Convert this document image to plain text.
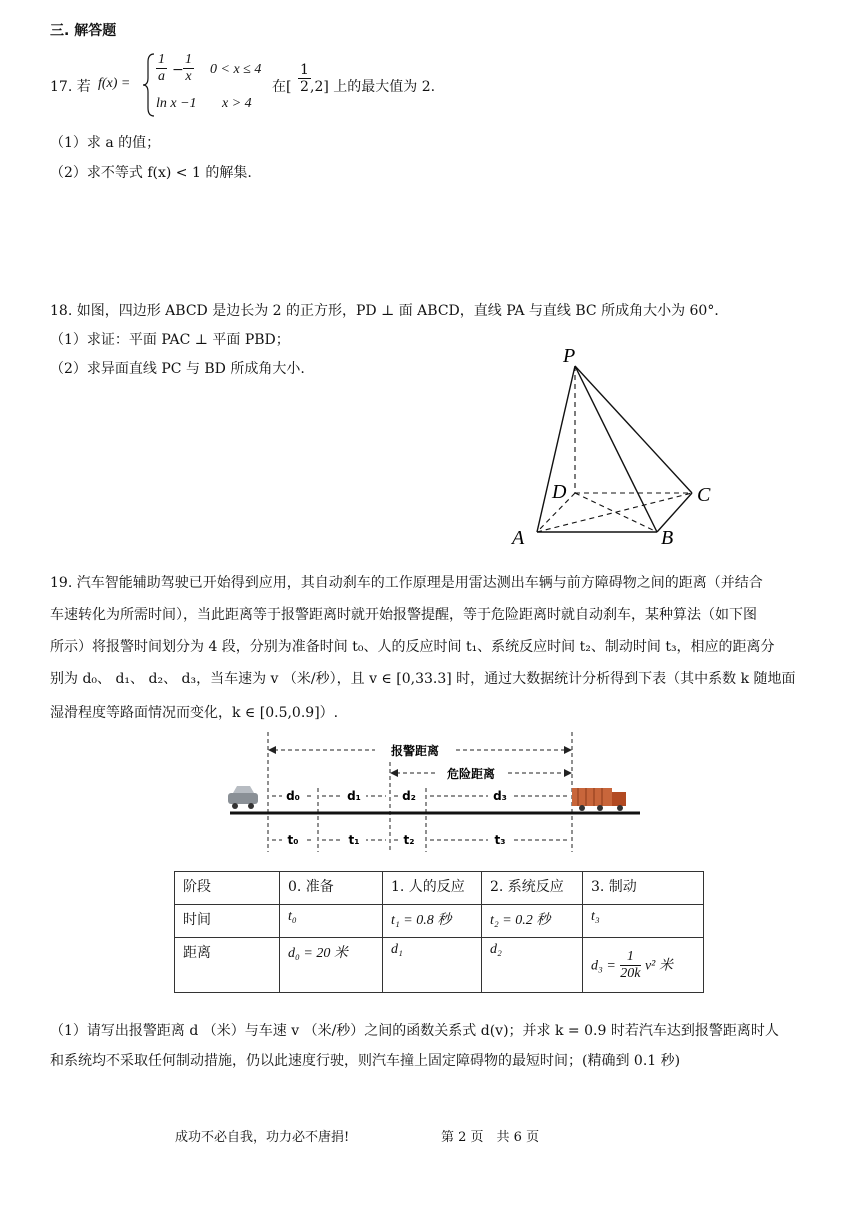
三. 解答题
17. 若 $f(x) = \frac{1}{a} - \frac{1}{x} 0 < x \le 4$
ln x −1 x > 4
在[ $\frac{1}{2} ,2$] 上的最大值为 2.
（1）求 a 的值；
（2）求不等式 f(x) < 1 的解集.
18. 如图，四边形 ABCD 是边长为 2 的正方形，PD ⊥ 面 ABCD，直线 PA 与直线 BC 所成角大小为 60°．
（1）求证：平面 PAC ⊥ 平面 PBD；
（2）求异面直线 PC 与 BD 所成角大小.
P
D	C
A	B
19. 汽车智能辅助驾驶已开始得到应用，其自动刹车的工作原理是用雷达测出车辆与前方障碍物之间的距离（并结合
车速转化为所需时间），当此距离等于报警距离时就开始报警提醒，等于危险距离时就自动刹车，某种算法（如下图
所示）将报警时间划分为 4 段，分别为准备时间 t₀、人的反应时间 t₁、系统反应时间 t₂、制动时间 t₃，相应的距离分
别为 d₀、 d₁、 d₂、 d₃，当车速为 v （米/秒），且 v ∈ [0,33.3] 时，通过大数据统计分析得到下表（其中系数 k 随地面
湿滑程度等路面情况而变化，k ∈ [0.5,0.9]）.
报警距离
危险距离
d₀	d₁	d₂	d₃
t₀	t₁	t₂	t₃
阶段	0. 准备	1. 人的反应	2. 系统反应	3. 制动
时间	t₀	t₁ = 0.8 秒	t₂ = 0.2 秒	t₃
距离	d₀ = 20 米	d₁	d₂	$d_3 = \frac{1}{20k} v^2$ 米
（1）请写出报警距离 d （米）与车速 v （米/秒）之间的函数关系式 d(v)；并求 k = 0.9 时若汽车达到报警距离时人
和系统均不采取任何制动措施，仍以此速度行驶，则汽车撞上固定障碍物的最短时间；(精确到 0.1 秒)
成功不必自我，功力必不唐捐!	第 2 页　共 6 页
